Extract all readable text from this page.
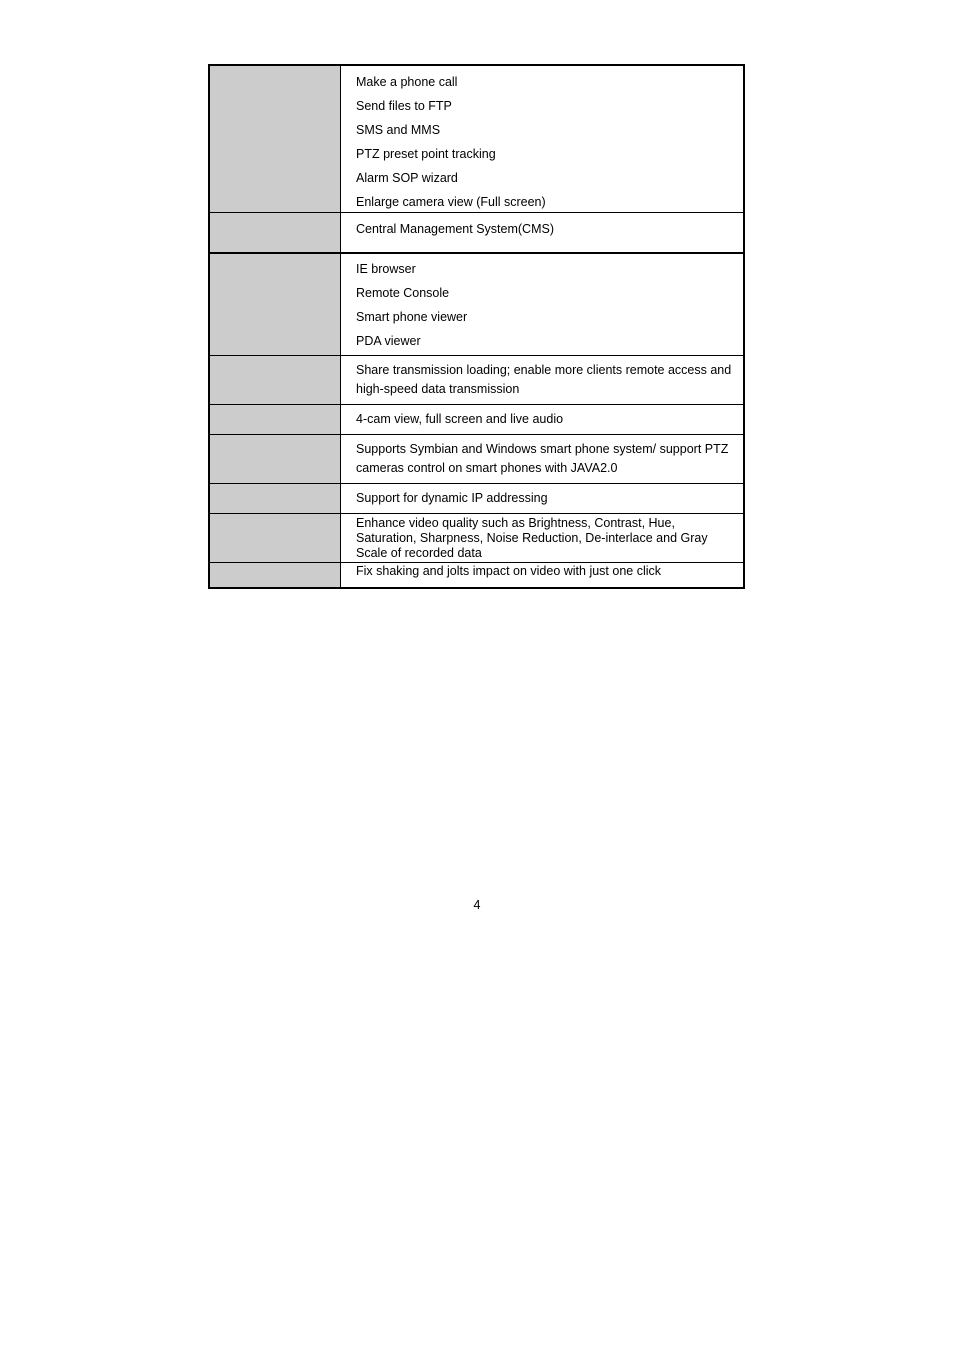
Make a phone call
Send files to FTP
SMS and MMS
PTZ preset point tracking
Alarm SOP wizard
Enlarge camera view (Full screen)
Central Management System(CMS)
IE browser
Remote Console
Smart phone viewer
PDA viewer
Share transmission loading; enable more clients remote access and high-speed data transmission
4-cam view, full screen and live audio
Supports Symbian and Windows smart phone system/ support PTZ cameras control on smart phones with JAVA2.0
Support for dynamic IP addressing
Enhance video quality such as Brightness, Contrast, Hue, Saturation, Sharpness, Noise Reduction, De-interlace and Gray Scale of recorded data
Fix shaking and jolts impact on video with just one click
4
